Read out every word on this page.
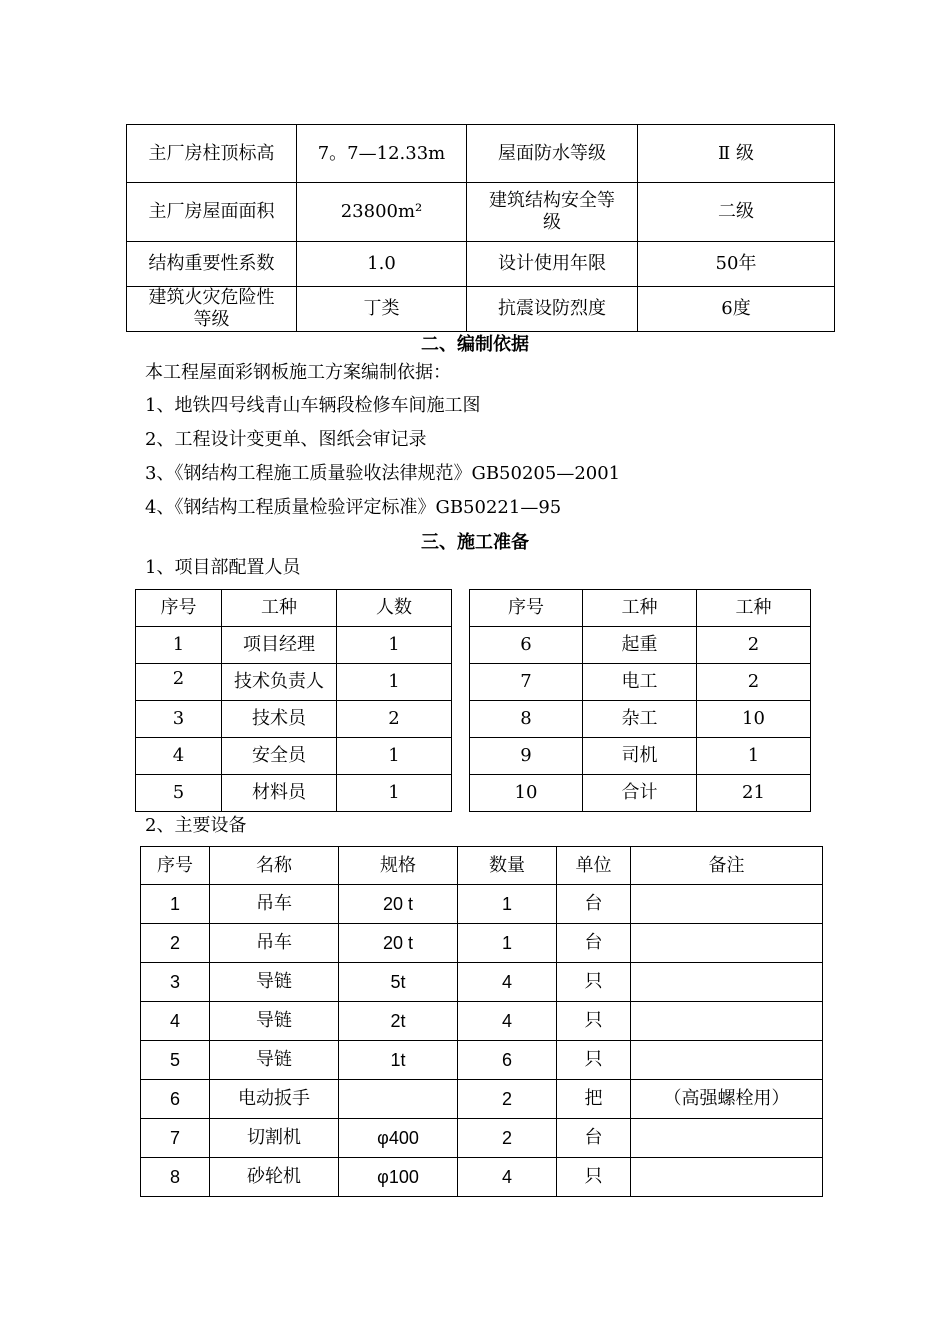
主厂房柱顶标高	7。7—12.33m	屋面防水等级	Ⅱ 级
主厂房屋面面积	23800m²	建筑结构安全等级	二级
结构重要性系数	1.0	设计使用年限	50年
建筑火灾危险性等级	丁类	抗震设防烈度	6度
二、编制依据
本工程屋面彩钢板施工方案编制依据：
1、地铁四号线青山车辆段检修车间施工图
2、工程设计变更单、图纸会审记录
3、《钢结构工程施工质量验收法律规范》GB50205—2001
4、《钢结构工程质量检验评定标准》GB50221—95
三、施工准备
1、项目部配置人员
序号	工种	人数		序号	工种	工种
1	项目经理	1		6	起重	2
2	技术负责人	1		7	电工	2
3	技术员	2		8	杂工	10
4	安全员	1		9	司机	1
5	材料员	1		10	合计	21
2、主要设备
序号	名称	规格	数量	单位	备注
1	吊车	20 t	1	台	
2	吊车	20 t	1	台	
3	导链	5t	4	只	
4	导链	2t	4	只	
5	导链	1t	6	只	
6	电动扳手		2	把	（高强螺栓用）
7	切割机	φ400	2	台	
8	砂轮机	φ100	4	只	
